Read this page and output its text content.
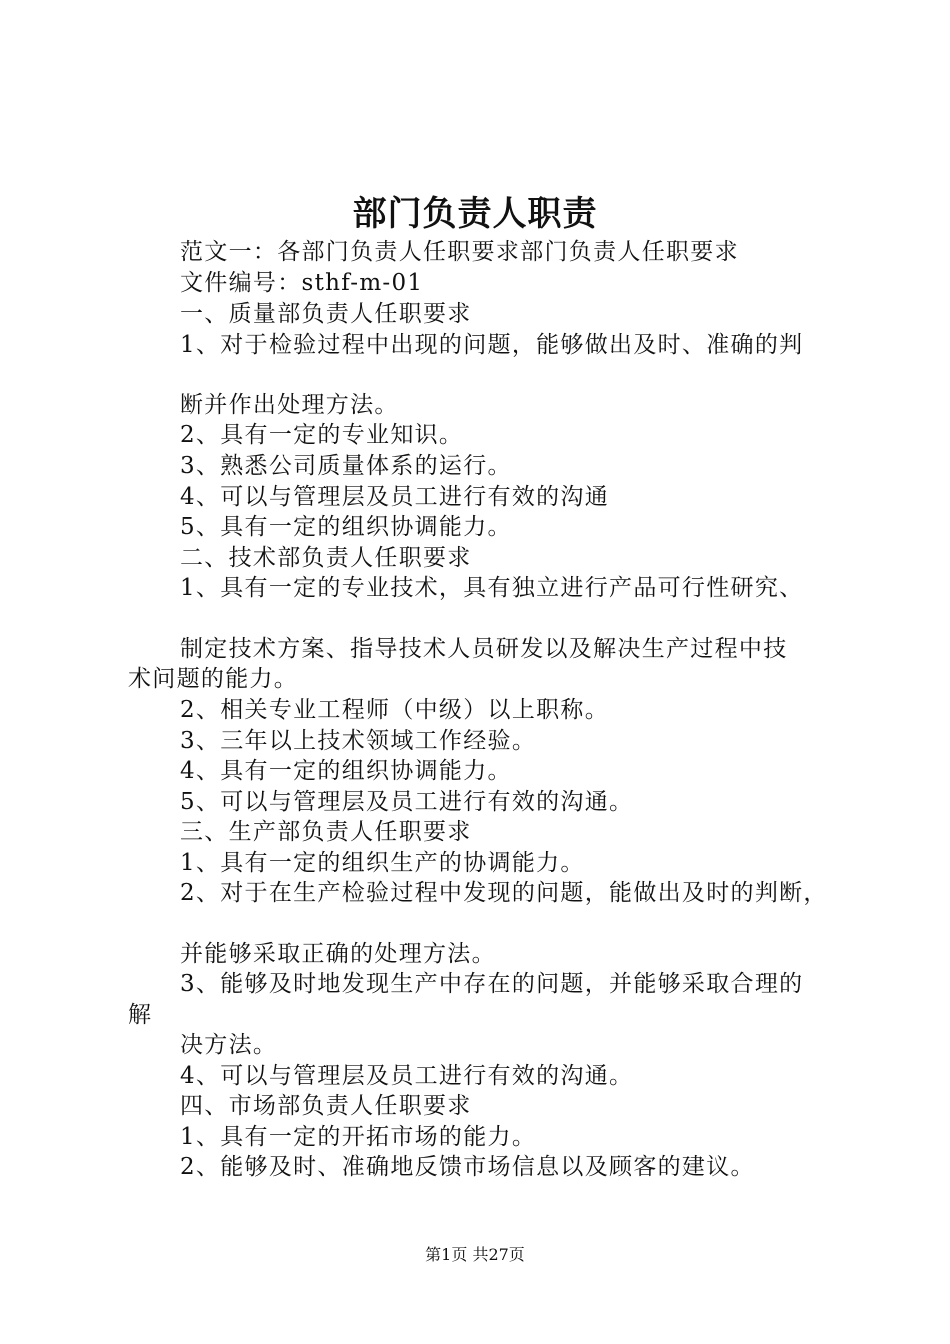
部门负责人职责
范文一：各部门负责人任职要求部门负责人任职要求
文件编号：sthf-m-01
一、质量部负责人任职要求
1、对于检验过程中出现的问题，能够做出及时、准确的判
断并作出处理方法。
2、具有一定的专业知识。
3、熟悉公司质量体系的运行。
4、可以与管理层及员工进行有效的沟通
5、具有一定的组织协调能力。
二、技术部负责人任职要求
1、具有一定的专业技术，具有独立进行产品可行性研究、
制定技术方案、指导技术人员研发以及解决生产过程中技
术问题的能力。
2、相关专业工程师（中级）以上职称。
3、三年以上技术领域工作经验。
4、具有一定的组织协调能力。
5、可以与管理层及员工进行有效的沟通。
三、生产部负责人任职要求
1、具有一定的组织生产的协调能力。
2、对于在生产检验过程中发现的问题，能做出及时的判断，
并能够采取正确的处理方法。
3、能够及时地发现生产中存在的问题，并能够采取合理的
解
决方法。
4、可以与管理层及员工进行有效的沟通。
四、市场部负责人任职要求
1、具有一定的开拓市场的能力。
2、能够及时、准确地反馈市场信息以及顾客的建议。
第1页 共27页
